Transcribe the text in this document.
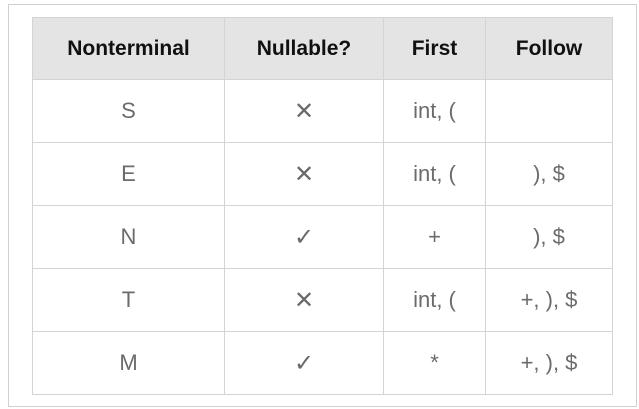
Nonterminal	Nullable?	First	Follow
S	✕	int, (	
E	✕	int, (	), $
N	✓	+	), $
T	✕	int, (	+, ), $
M	✓	*	+, ), $
